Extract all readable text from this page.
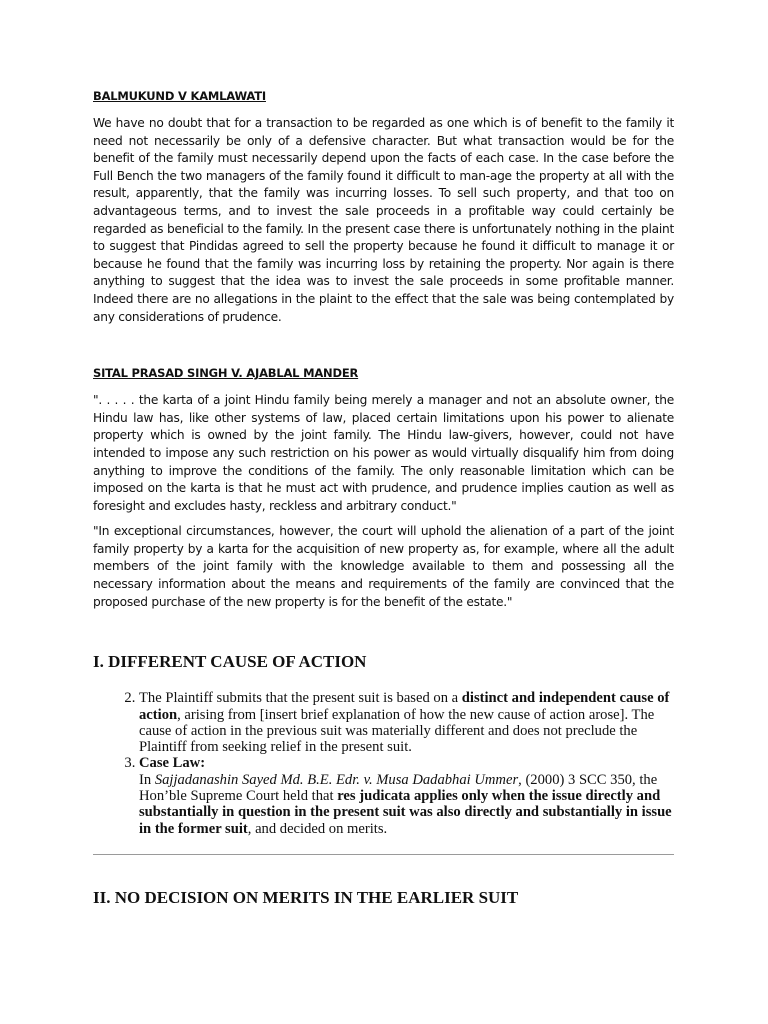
BALMUKUND V KAMLAWATI

We have no doubt that for a transaction to be regarded as one which is of benefit to the family it need not necessarily be only of a defensive character. But what transaction would be for the benefit of the family must necessarily depend upon the facts of each case. In the case before the Full Bench the two managers of the family found it difficult to man-age the property at all with the result, apparently, that the family was incurring losses. To sell such property, and that too on advantageous terms, and to invest the sale proceeds in a profitable way could certainly be regarded as beneficial to the family. In the present case there is unfortunately nothing in the plaint to suggest that Pindidas agreed to sell the property because he found it difficult to manage it or because he found that the family was incurring loss by retaining the property. Nor again is there anything to suggest that the idea was to invest the sale proceeds in some profitable manner. Indeed there are no allegations in the plaint to the effect that the sale was being contemplated by any considerations of prudence.

SITAL PRASAD SINGH V. AJABLAL MANDER

". . . . . the karta of a joint Hindu family being merely a manager and not an absolute owner, the Hindu law has, like other systems of law, placed certain limitations upon his power to alienate property which is owned by the joint family. The Hindu law-givers, however, could not have intended to impose any such restriction on his power as would virtually disqualify him from doing anything to improve the conditions of the family. The only reasonable limitation which can be imposed on the karta is that he must act with prudence, and prudence implies caution as well as foresight and excludes hasty, reckless and arbitrary conduct."

"In exceptional circumstances, however, the court will uphold the alienation of a part of the joint family property by a karta for the acquisition of new property as, for example, where all the adult members of the joint family with the knowledge available to them and possessing all the necessary information about the means and requirements of the family are convinced that the proposed purchase of the new property is for the benefit of the estate."

I. DIFFERENT CAUSE OF ACTION
2. The Plaintiff submits that the present suit is based on a distinct and independent cause of action, arising from [insert brief explanation of how the new cause of action arose]. The cause of action in the previous suit was materially different and does not preclude the Plaintiff from seeking relief in the present suit.
3. Case Law:
In Sajjadanashin Sayed Md. B.E. Edr. v. Musa Dadabhai Ummer, (2000) 3 SCC 350, the Hon’ble Supreme Court held that res judicata applies only when the issue directly and substantially in question in the present suit was also directly and substantially in issue in the former suit, and decided on merits.
II. NO DECISION ON MERITS IN THE EARLIER SUIT
